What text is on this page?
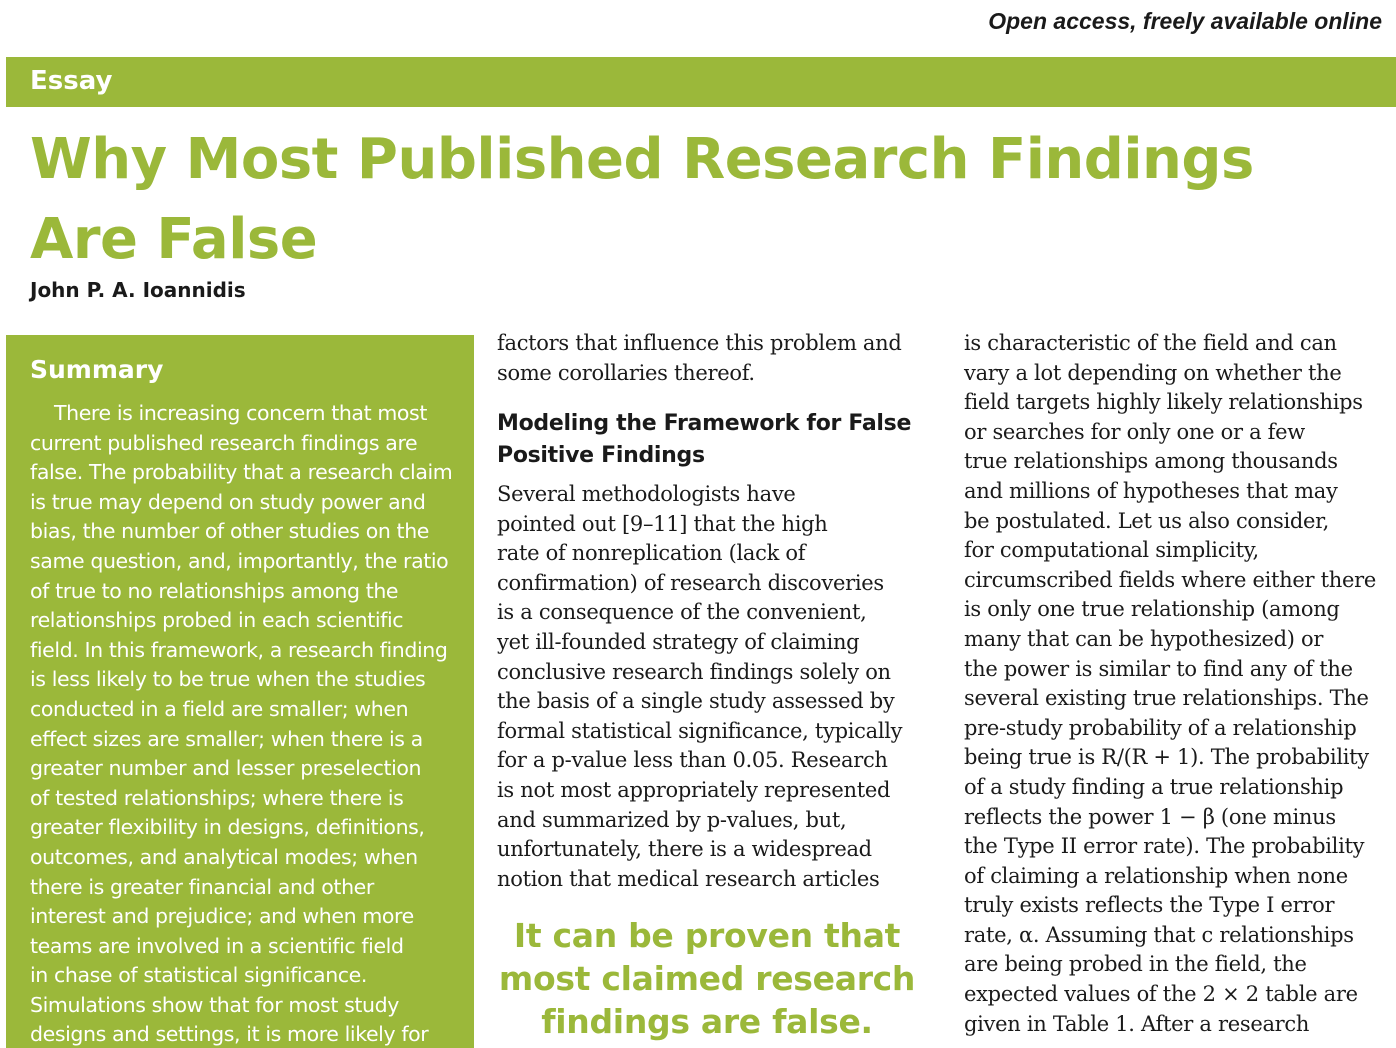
Open access, freely available online
Essay
Why Most Published Research Findings
Are False

John P. A. Ioannidis

Summary
There is increasing concern that most
current published research findings are
false. The probability that a research claim
is true may depend on study power and
bias, the number of other studies on the
same question, and, importantly, the ratio
of true to no relationships among the
relationships probed in each scientific
field. In this framework, a research finding
is less likely to be true when the studies
conducted in a field are smaller; when
effect sizes are smaller; when there is a
greater number and lesser preselection
of tested relationships; where there is
greater flexibility in designs, definitions,
outcomes, and analytical modes; when
there is greater financial and other
interest and prejudice; and when more
teams are involved in a scientific field
in chase of statistical significance.
Simulations show that for most study
designs and settings, it is more likely for
factors that influence this problem and
some corollaries thereof.
Modeling the Framework for False
Positive Findings
Several methodologists have
pointed out [9–11] that the high
rate of nonreplication (lack of
confirmation) of research discoveries
is a consequence of the convenient,
yet ill-founded strategy of claiming
conclusive research findings solely on
the basis of a single study assessed by
formal statistical significance, typically
for a p-value less than 0.05. Research
is not most appropriately represented
and summarized by p-values, but,
unfortunately, there is a widespread
notion that medical research articles
It can be proven that
most claimed research
findings are false.
is characteristic of the field and can
vary a lot depending on whether the
field targets highly likely relationships
or searches for only one or a few
true relationships among thousands
and millions of hypotheses that may
be postulated. Let us also consider,
for computational simplicity,
circumscribed fields where either there
is only one true relationship (among
many that can be hypothesized) or
the power is similar to find any of the
several existing true relationships. The
pre-study probability of a relationship
being true is R/(R + 1). The probability
of a study finding a true relationship
reflects the power 1 − β (one minus
the Type II error rate). The probability
of claiming a relationship when none
truly exists reflects the Type I error
rate, α. Assuming that c relationships
are being probed in the field, the
expected values of the 2 × 2 table are
given in Table 1. After a research
